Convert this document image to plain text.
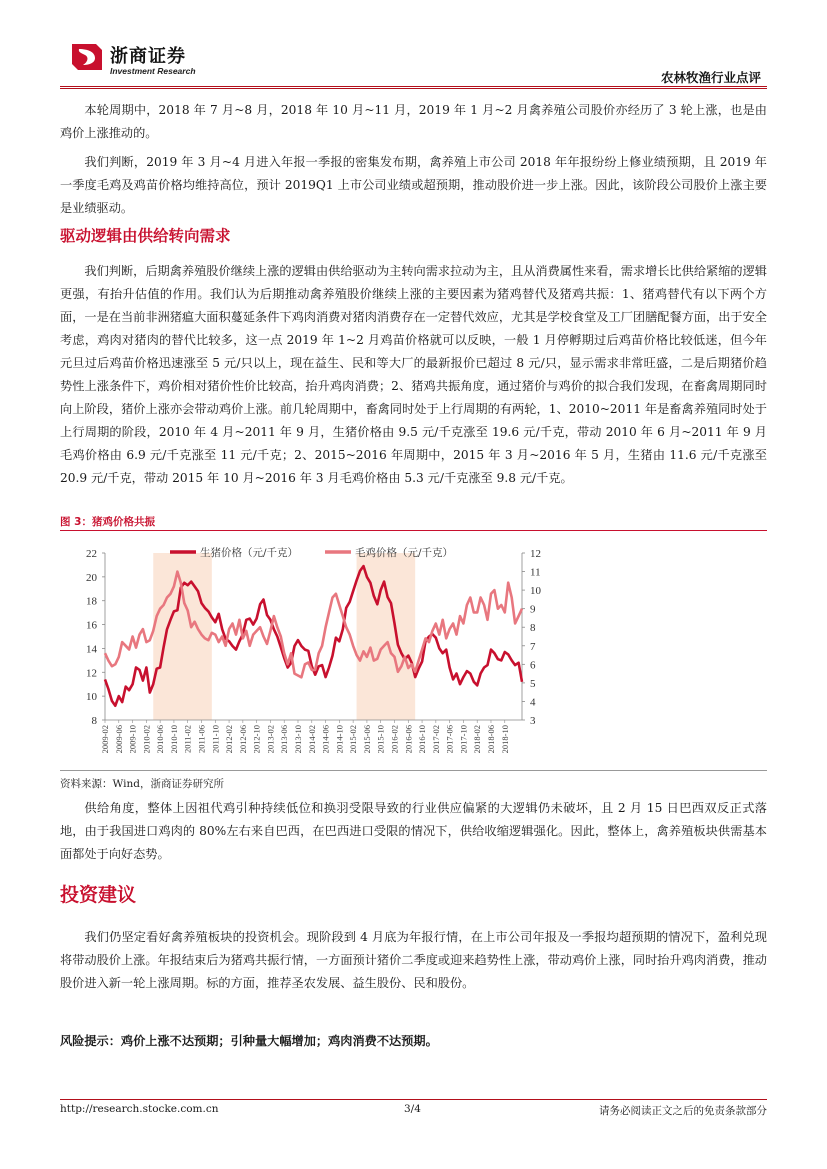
浙商证券
Investment Research	农林牧渔行业点评

本轮周期中，2018 年 7 月~8 月，2018 年 10 月~11 月，2019 年 1 月~2 月禽养殖公司股价亦经历了 3 轮上涨，也是由鸡价上涨推动的。

我们判断，2019 年 3 月~4 月进入年报一季报的密集发布期，禽养殖上市公司 2018 年年报纷纷上修业绩预期，且 2019 年一季度毛鸡及鸡苗价格均维持高位，预计 2019Q1 上市公司业绩或超预期，推动股价进一步上涨。因此，该阶段公司股价上涨主要是业绩驱动。

驱动逻辑由供给转向需求

我们判断，后期禽养殖股价继续上涨的逻辑由供给驱动为主转向需求拉动为主，且从消费属性来看，需求增长比供给紧缩的逻辑更强，有抬升估值的作用。我们认为后期推动禽养殖股价继续上涨的主要因素为猪鸡替代及猪鸡共振：1、猪鸡替代有以下两个方面，一是在当前非洲猪瘟大面积蔓延条件下鸡肉消费对猪肉消费存在一定替代效应，尤其是学校食堂及工厂团膳配餐方面，出于安全考虑，鸡肉对猪肉的替代比较多，这一点 2019 年 1~2 月鸡苗价格就可以反映，一般 1 月停孵期过后鸡苗价格比较低迷，但今年元旦过后鸡苗价格迅速涨至 5 元/只以上，现在益生、民和等大厂的最新报价已超过 8 元/只，显示需求非常旺盛，二是后期猪价趋势性上涨条件下，鸡价相对猪价性价比较高，抬升鸡肉消费；2、猪鸡共振角度，通过猪价与鸡价的拟合我们发现，在畜禽周期同时向上阶段，猪价上涨亦会带动鸡价上涨。前几轮周期中，畜禽同时处于上行周期的有两轮，1、2010~2011 年是畜禽养殖同时处于上行周期的阶段，2010 年 4 月~2011 年 9 月，生猪价格由 9.5 元/千克涨至 19.6 元/千克，带动 2010 年 6 月~2011 年 9 月毛鸡价格由 6.9 元/千克涨至 11 元/千克；2、2015~2016 年周期中，2015 年 3 月~2016 年 5 月，生猪由 11.6 元/千克涨至 20.9 元/千克，带动 2015 年 10 月~2016 年 3 月毛鸡价格由 5.3 元/千克涨至 9.8 元/千克。

图 3：猪鸡价格共振
8
10
12
14
16
18
20
22
3
4
5
6
7
8
9
10
11
12
2009-02 2009-06 2009-10 2010-02 2010-06 2010-10 2011-02 2011-06 2011-10 2012-02 2012-06 2012-10 2013-02 2013-06 2013-10 2014-02 2014-06 2014-10 2015-02 2015-06 2015-10 2016-02 2016-06 2016-10 2017-02 2017-06 2017-10 2018-02 2018-06 2018-10
生猪价格（元/千克）	毛鸡价格（元/千克）
资料来源：Wind，浙商证券研究所

供给角度，整体上因祖代鸡引种持续低位和换羽受限导致的行业供应偏紧的大逻辑仍未破坏，且 2 月 15 日巴西双反正式落地，由于我国进口鸡肉的 80%左右来自巴西，在巴西进口受限的情况下，供给收缩逻辑强化。因此，整体上，禽养殖板块供需基本面都处于向好态势。

投资建议

我们仍坚定看好禽养殖板块的投资机会。现阶段到 4 月底为年报行情，在上市公司年报及一季报均超预期的情况下，盈利兑现将带动股价上涨。年报结束后为猪鸡共振行情，一方面预计猪价二季度或迎来趋势性上涨，带动鸡价上涨，同时抬升鸡肉消费，推动股价进入新一轮上涨周期。标的方面，推荐圣农发展、益生股份、民和股份。

风险提示：鸡价上涨不达预期；引种量大幅增加；鸡肉消费不达预期。
http://research.stocke.com.cn	3/4	请务必阅读正文之后的免责条款部分
